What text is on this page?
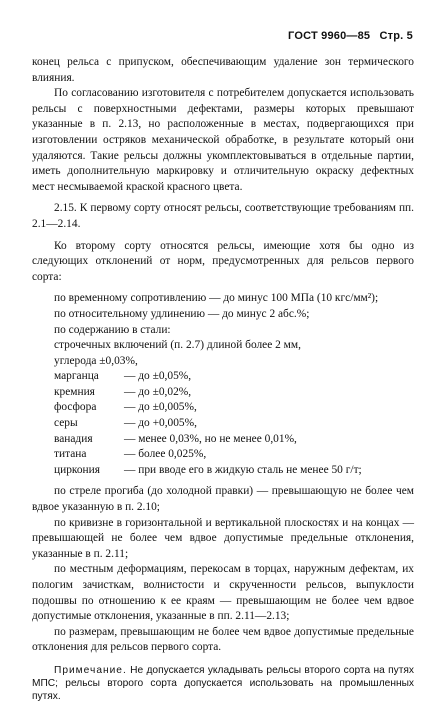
ГОСТ 9960—85 Стр. 5

конец рельса с припуском, обеспечивающим удаление зон термического влияния.

По согласованию изготовителя с потребителем допускается использовать рельсы с поверхностными дефектами, размеры которых превышают указанные в п. 2.13, но расположенные в местах, подвергающихся при изготовлении остряков механической обработке, в результате который они удаляются. Такие рельсы должны укомплектовываться в отдельные партии, иметь дополнительную маркировку и отличительную окраску дефектных мест несмываемой краской красного цвета.

2.15. К первому сорту относят рельсы, соответствующие требованиям пп. 2.1—2.14.

Ко второму сорту относятся рельсы, имеющие хотя бы одно из следующих отклонений от норм, предусмотренных для рельсов первого сорта:

по временному сопротивлению — до минус 100 МПа (10 кгс/мм²);

по относительному удлинению — до минус 2 абс.%;

по содержанию в стали:

строчечных включений (п. 2.7) длиной более 2 мм,

углерода ±0,03%,

марганца	— до ±0,05%,
кремния	— до ±0,02%,
фосфора	— до ±0,005%,
серы	— до +0,005%,
ванадия	— менее 0,03%, но не менее 0,01%,
титана	— более 0,025%,
циркония	— при вводе его в жидкую сталь не менее 50 г/т;

по стреле прогиба (до холодной правки) — превышающую не более чем вдвое указанную в п. 2.10;

по кривизне в горизонтальной и вертикальной плоскостях и на концах — превышающей не более чем вдвое допустимые предельные отклонения, указанные в п. 2.11;

по местным деформациям, перекосам в торцах, наружным дефектам, их пологим зачисткам, волнистости и скрученности рельсов, выпуклости подошвы по отношению к ее краям — превышающим не более чем вдвое допустимые отклонения, указанные в пп. 2.11—2.13;

по размерам, превышающим не более чем вдвое допустимые предельные отклонения для рельсов первого сорта.

Примечание. Не допускается укладывать рельсы второго сорта на путях МПС; рельсы второго сорта допускается использовать на промышленных путях.
